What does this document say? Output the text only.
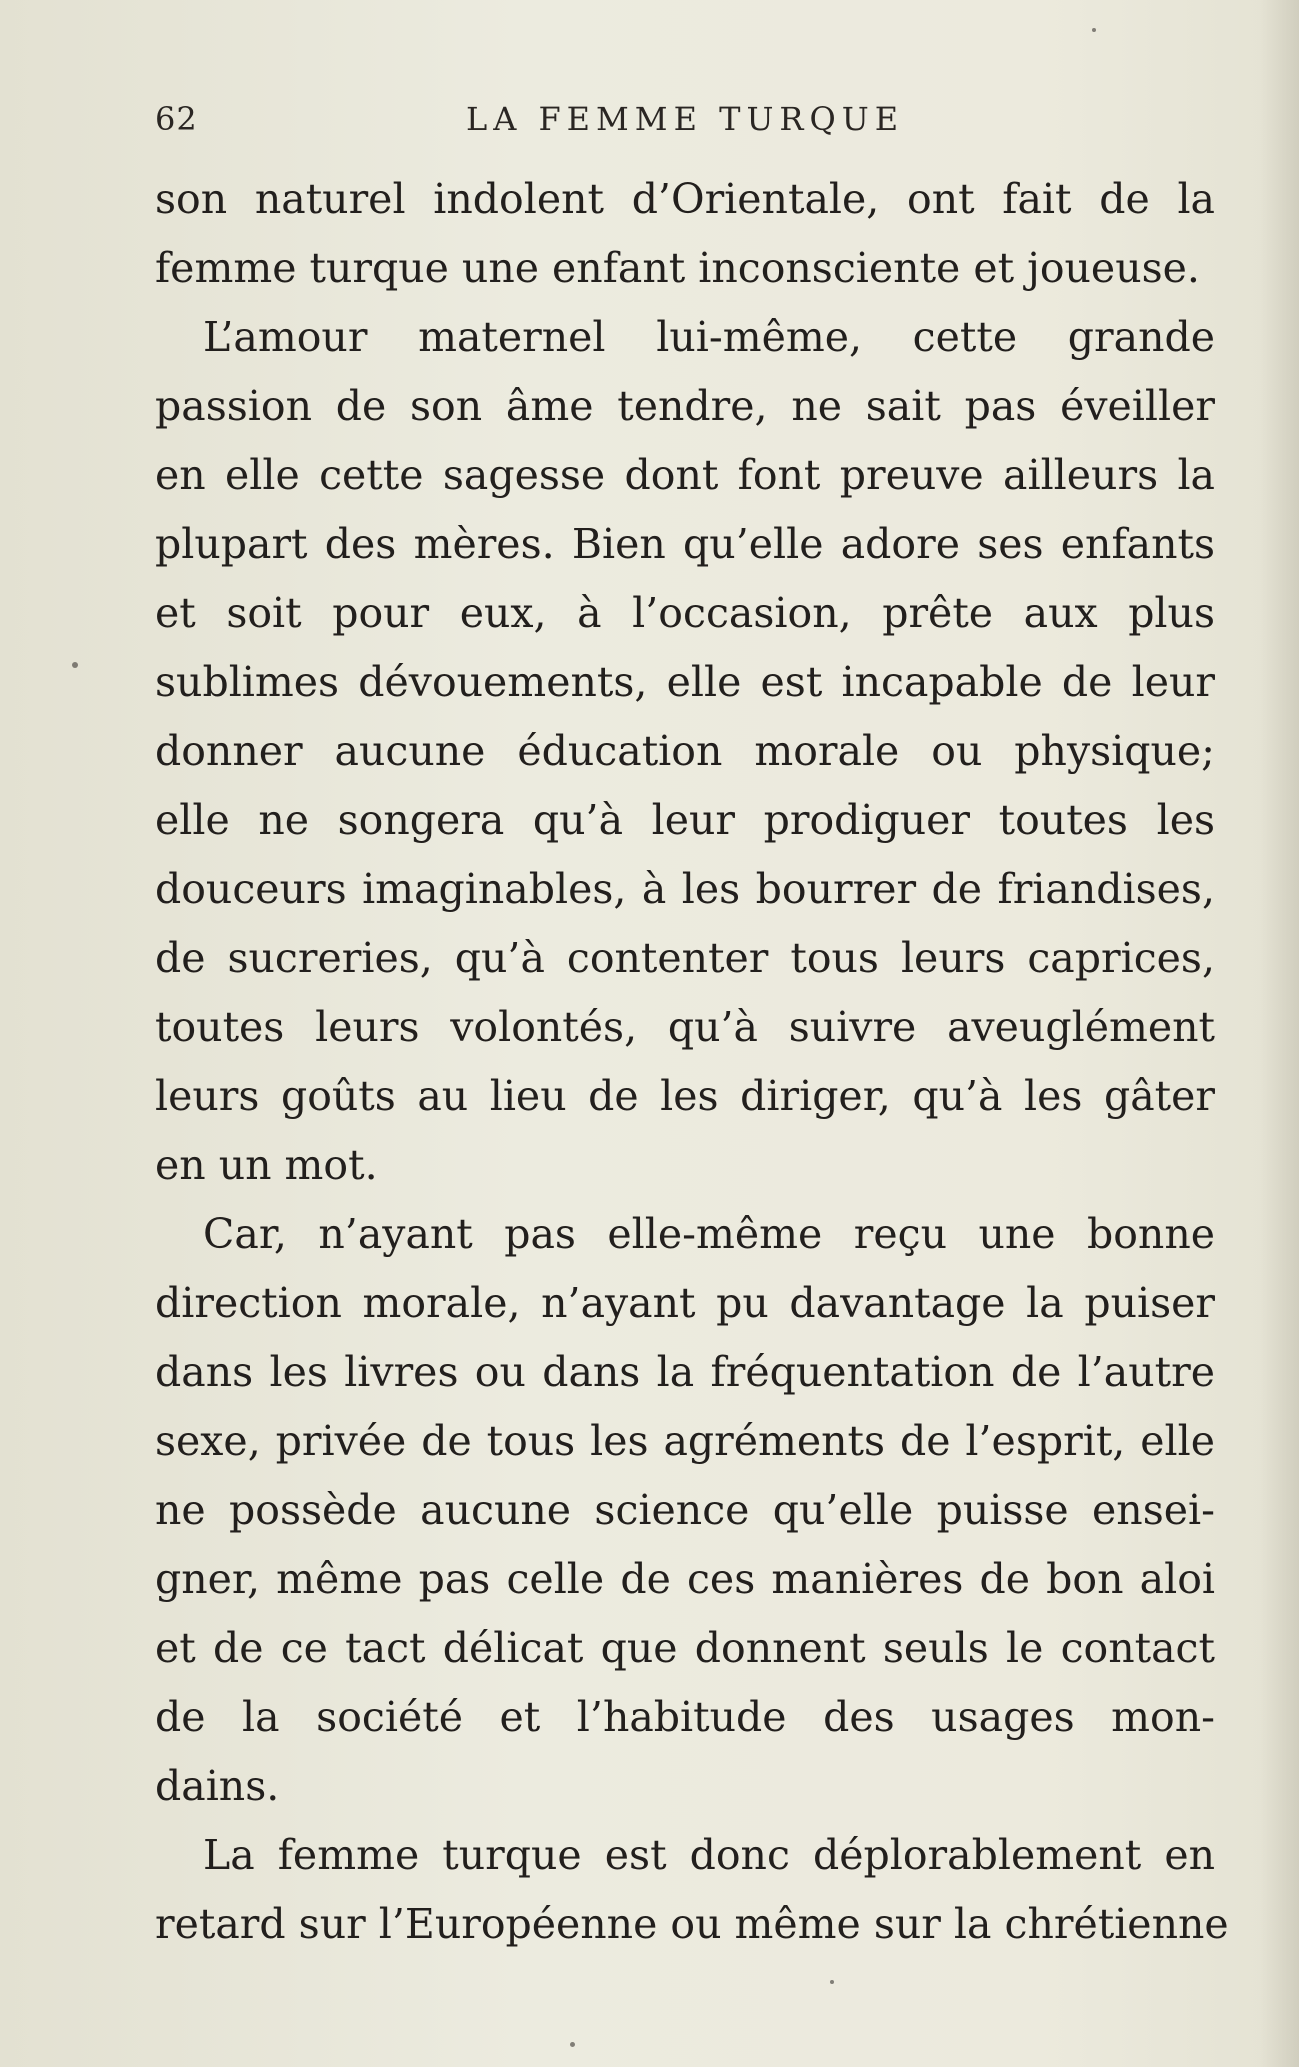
62	LA FEMME TURQUE
son naturel indolent d’Orientale, ont fait de la
femme turque une enfant inconsciente et joueuse.
L’amour maternel lui-même, cette grande
passion de son âme tendre, ne sait pas éveiller
en elle cette sagesse dont font preuve ailleurs la
plupart des mères. Bien qu’elle adore ses enfants
et soit pour eux, à l’occasion, prête aux plus
sublimes dévouements, elle est incapable de leur
donner aucune éducation morale ou physique;
elle ne songera qu’à leur prodiguer toutes les
douceurs imaginables, à les bourrer de friandises,
de sucreries, qu’à contenter tous leurs caprices,
toutes leurs volontés, qu’à suivre aveuglément
leurs goûts au lieu de les diriger, qu’à les gâter
en un mot.
Car, n’ayant pas elle-même reçu une bonne
direction morale, n’ayant pu davantage la puiser
dans les livres ou dans la fréquentation de l’autre
sexe, privée de tous les agréments de l’esprit, elle
ne possède aucune science qu’elle puisse ensei-
gner, même pas celle de ces manières de bon aloi
et de ce tact délicat que donnent seuls le contact
de la société et l’habitude des usages mon-
dains.
La femme turque est donc déplorablement en
retard sur l’Européenne ou même sur la chrétienne
